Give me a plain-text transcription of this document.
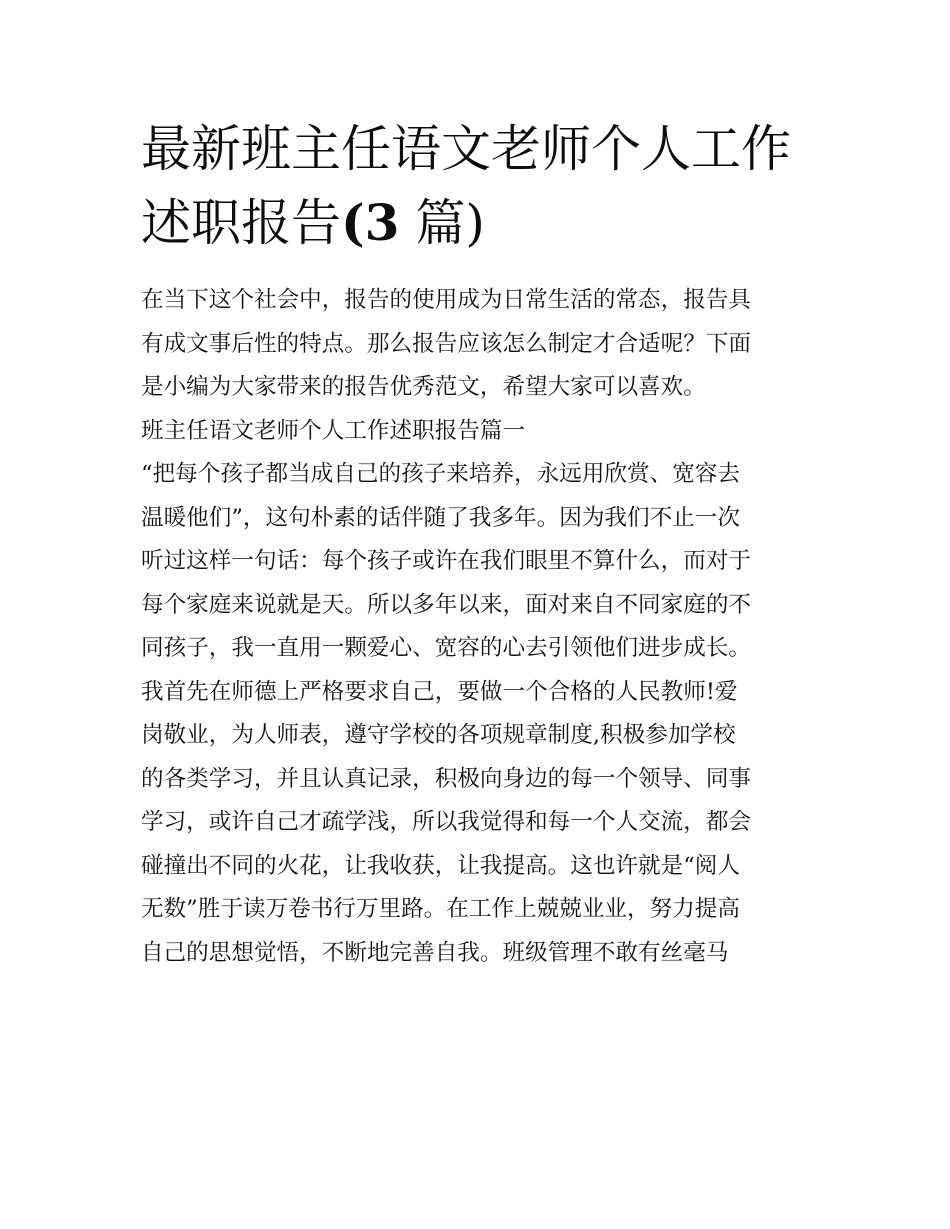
最新班主任语文老师个人工作
述职报告(3 篇)
在当下这个社会中，报告的使用成为日常生活的常态，报告具
有成文事后性的特点。那么报告应该怎么制定才合适呢？下面
是小编为大家带来的报告优秀范文，希望大家可以喜欢。
班主任语文老师个人工作述职报告篇一
“把每个孩子都当成自己的孩子来培养，永远用欣赏、宽容去
温暖他们”，这句朴素的话伴随了我多年。因为我们不止一次
听过这样一句话：每个孩子或许在我们眼里不算什么，而对于
每个家庭来说就是天。所以多年以来，面对来自不同家庭的不
同孩子，我一直用一颗爱心、宽容的心去引领他们进步成长。
我首先在师德上严格要求自己，要做一个合格的人民教师!爱
岗敬业，为人师表，遵守学校的各项规章制度,积极参加学校
的各类学习，并且认真记录，积极向身边的每一个领导、同事
学习，或许自己才疏学浅，所以我觉得和每一个人交流，都会
碰撞出不同的火花，让我收获，让我提高。这也许就是“阅人
无数”胜于读万卷书行万里路。在工作上兢兢业业，努力提高
自己的思想觉悟，不断地完善自我。班级管理不敢有丝毫马
